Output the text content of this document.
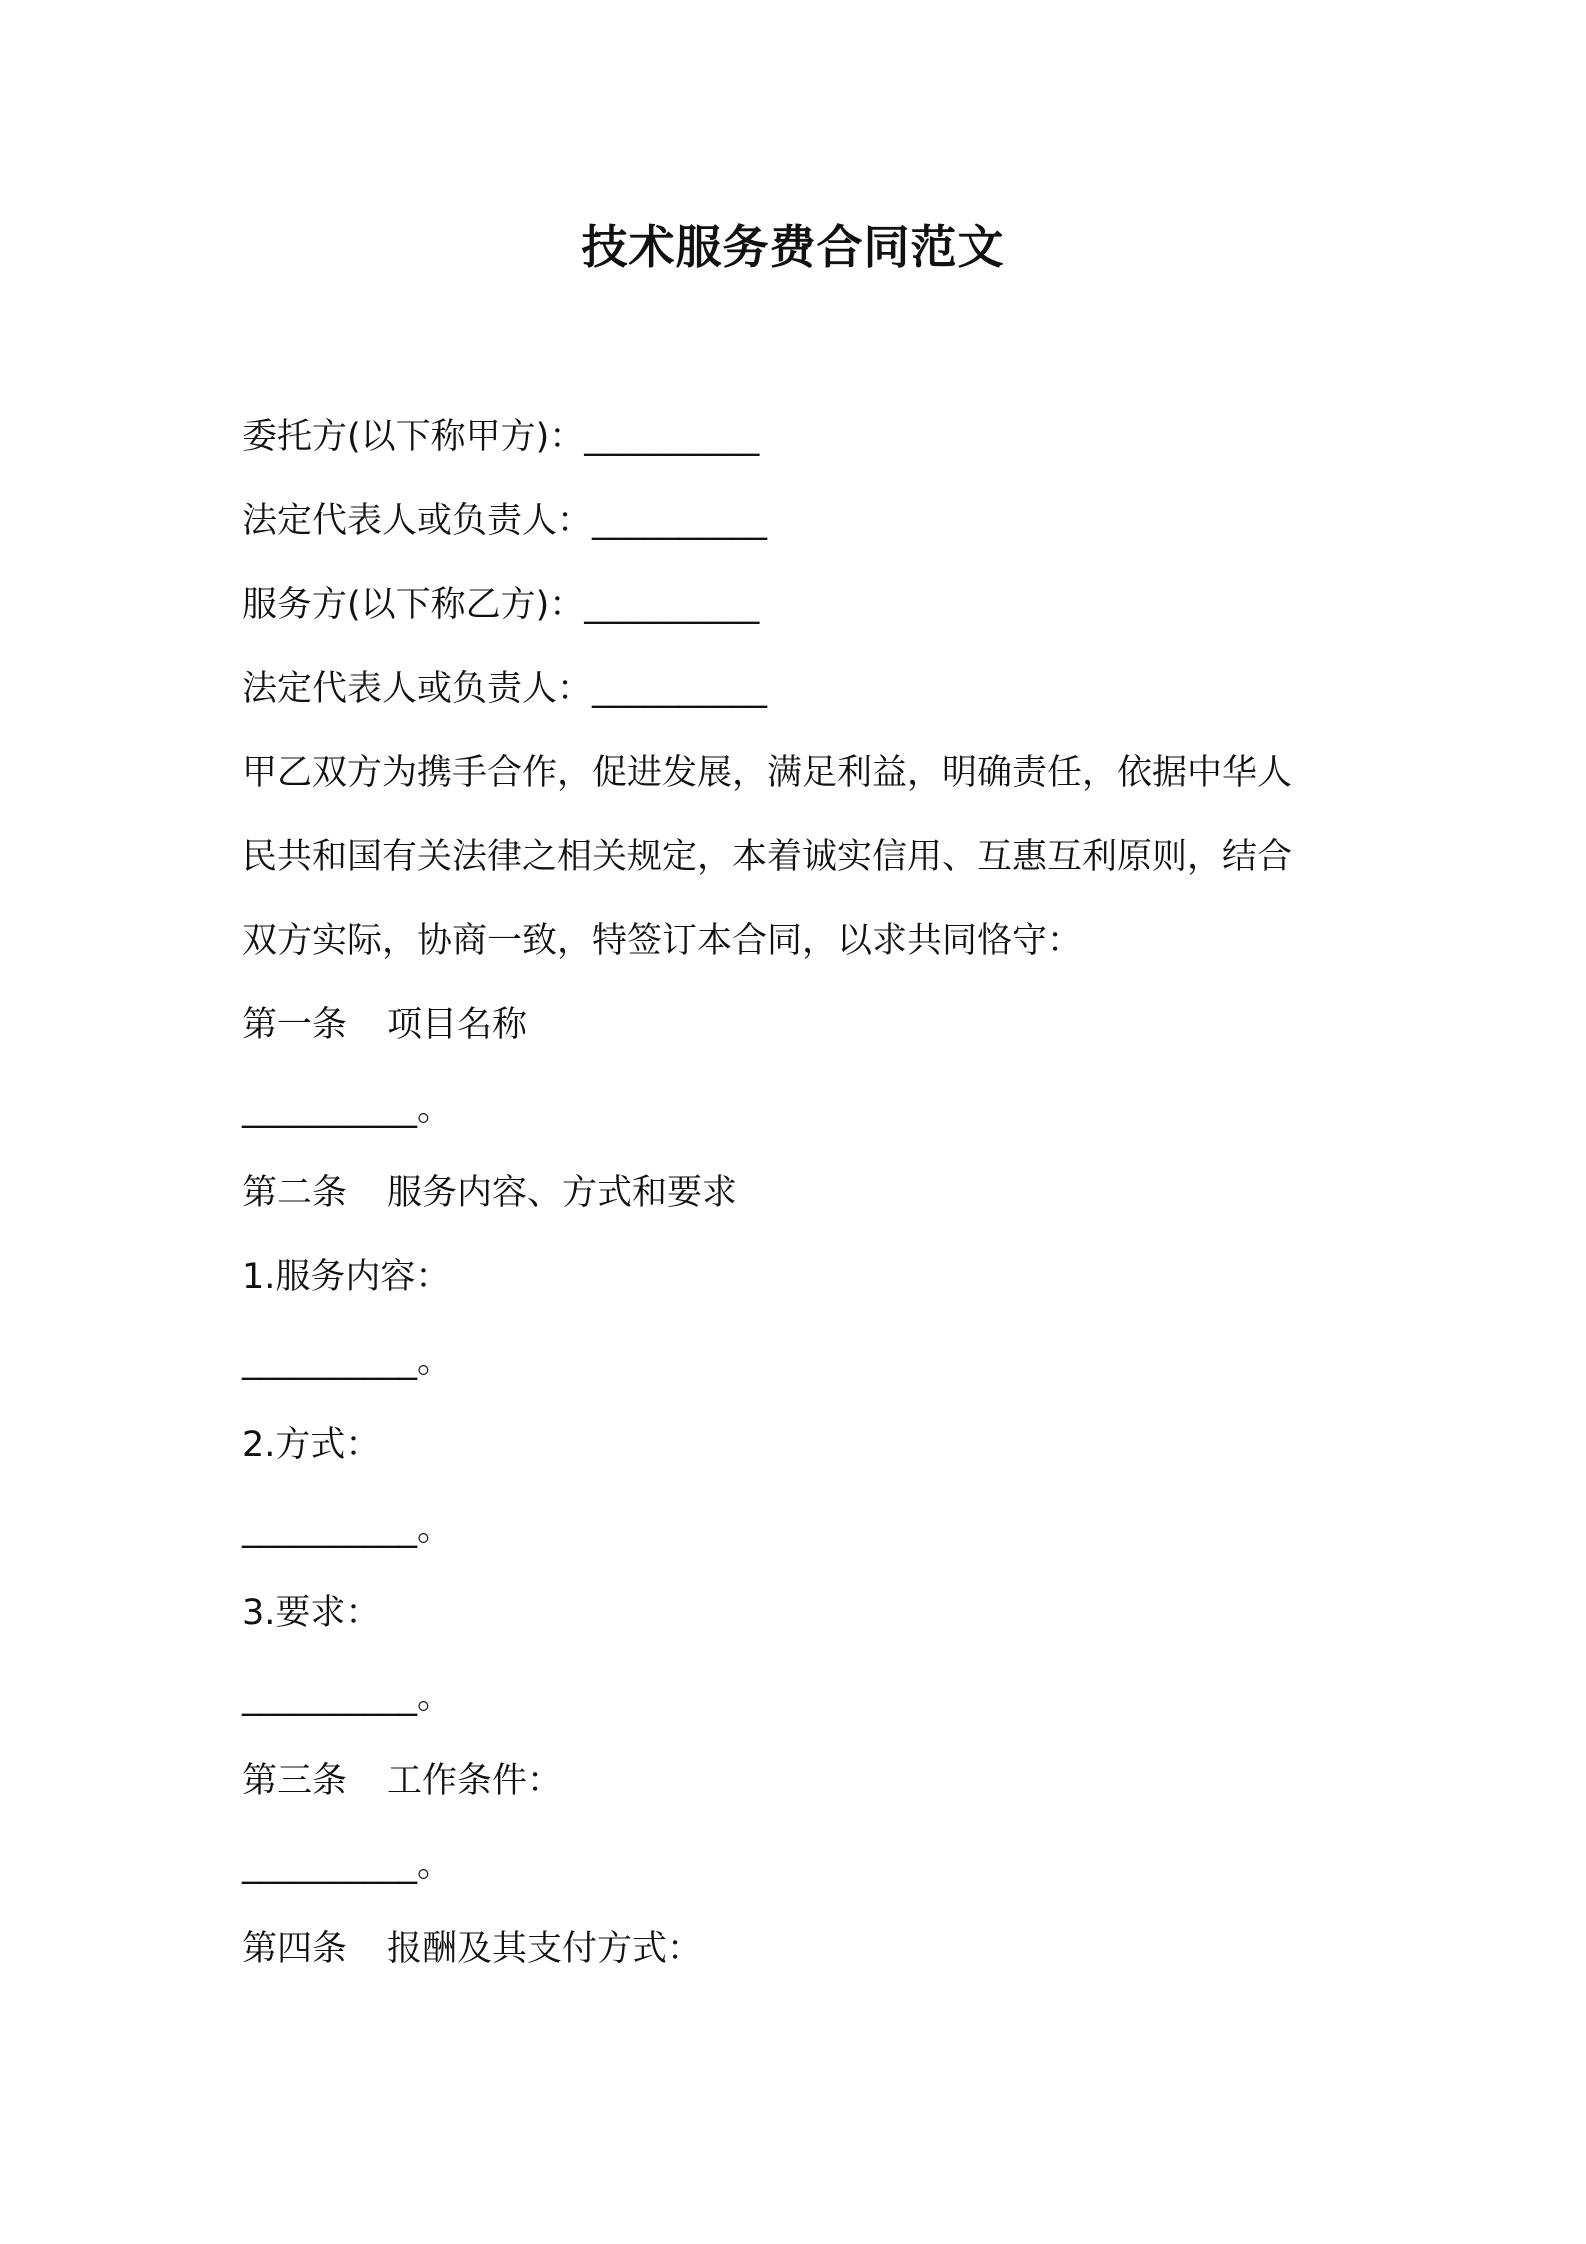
技术服务费合同范文
委托方(以下称甲方)：__________
法定代表人或负责人：__________
服务方(以下称乙方)：__________
法定代表人或负责人：__________
甲乙双方为携手合作，促进发展，满足利益，明确责任，依据中华人
民共和国有关法律之相关规定，本着诚实信用、互惠互利原则，结合
双方实际，协商一致，特签订本合同，以求共同恪守：
第一条 项目名称
__________。
第二条 服务内容、方式和要求
1.服务内容：
__________。
2.方式：
__________。
3.要求：
__________。
第三条 工作条件：
__________。
第四条 报酬及其支付方式：
